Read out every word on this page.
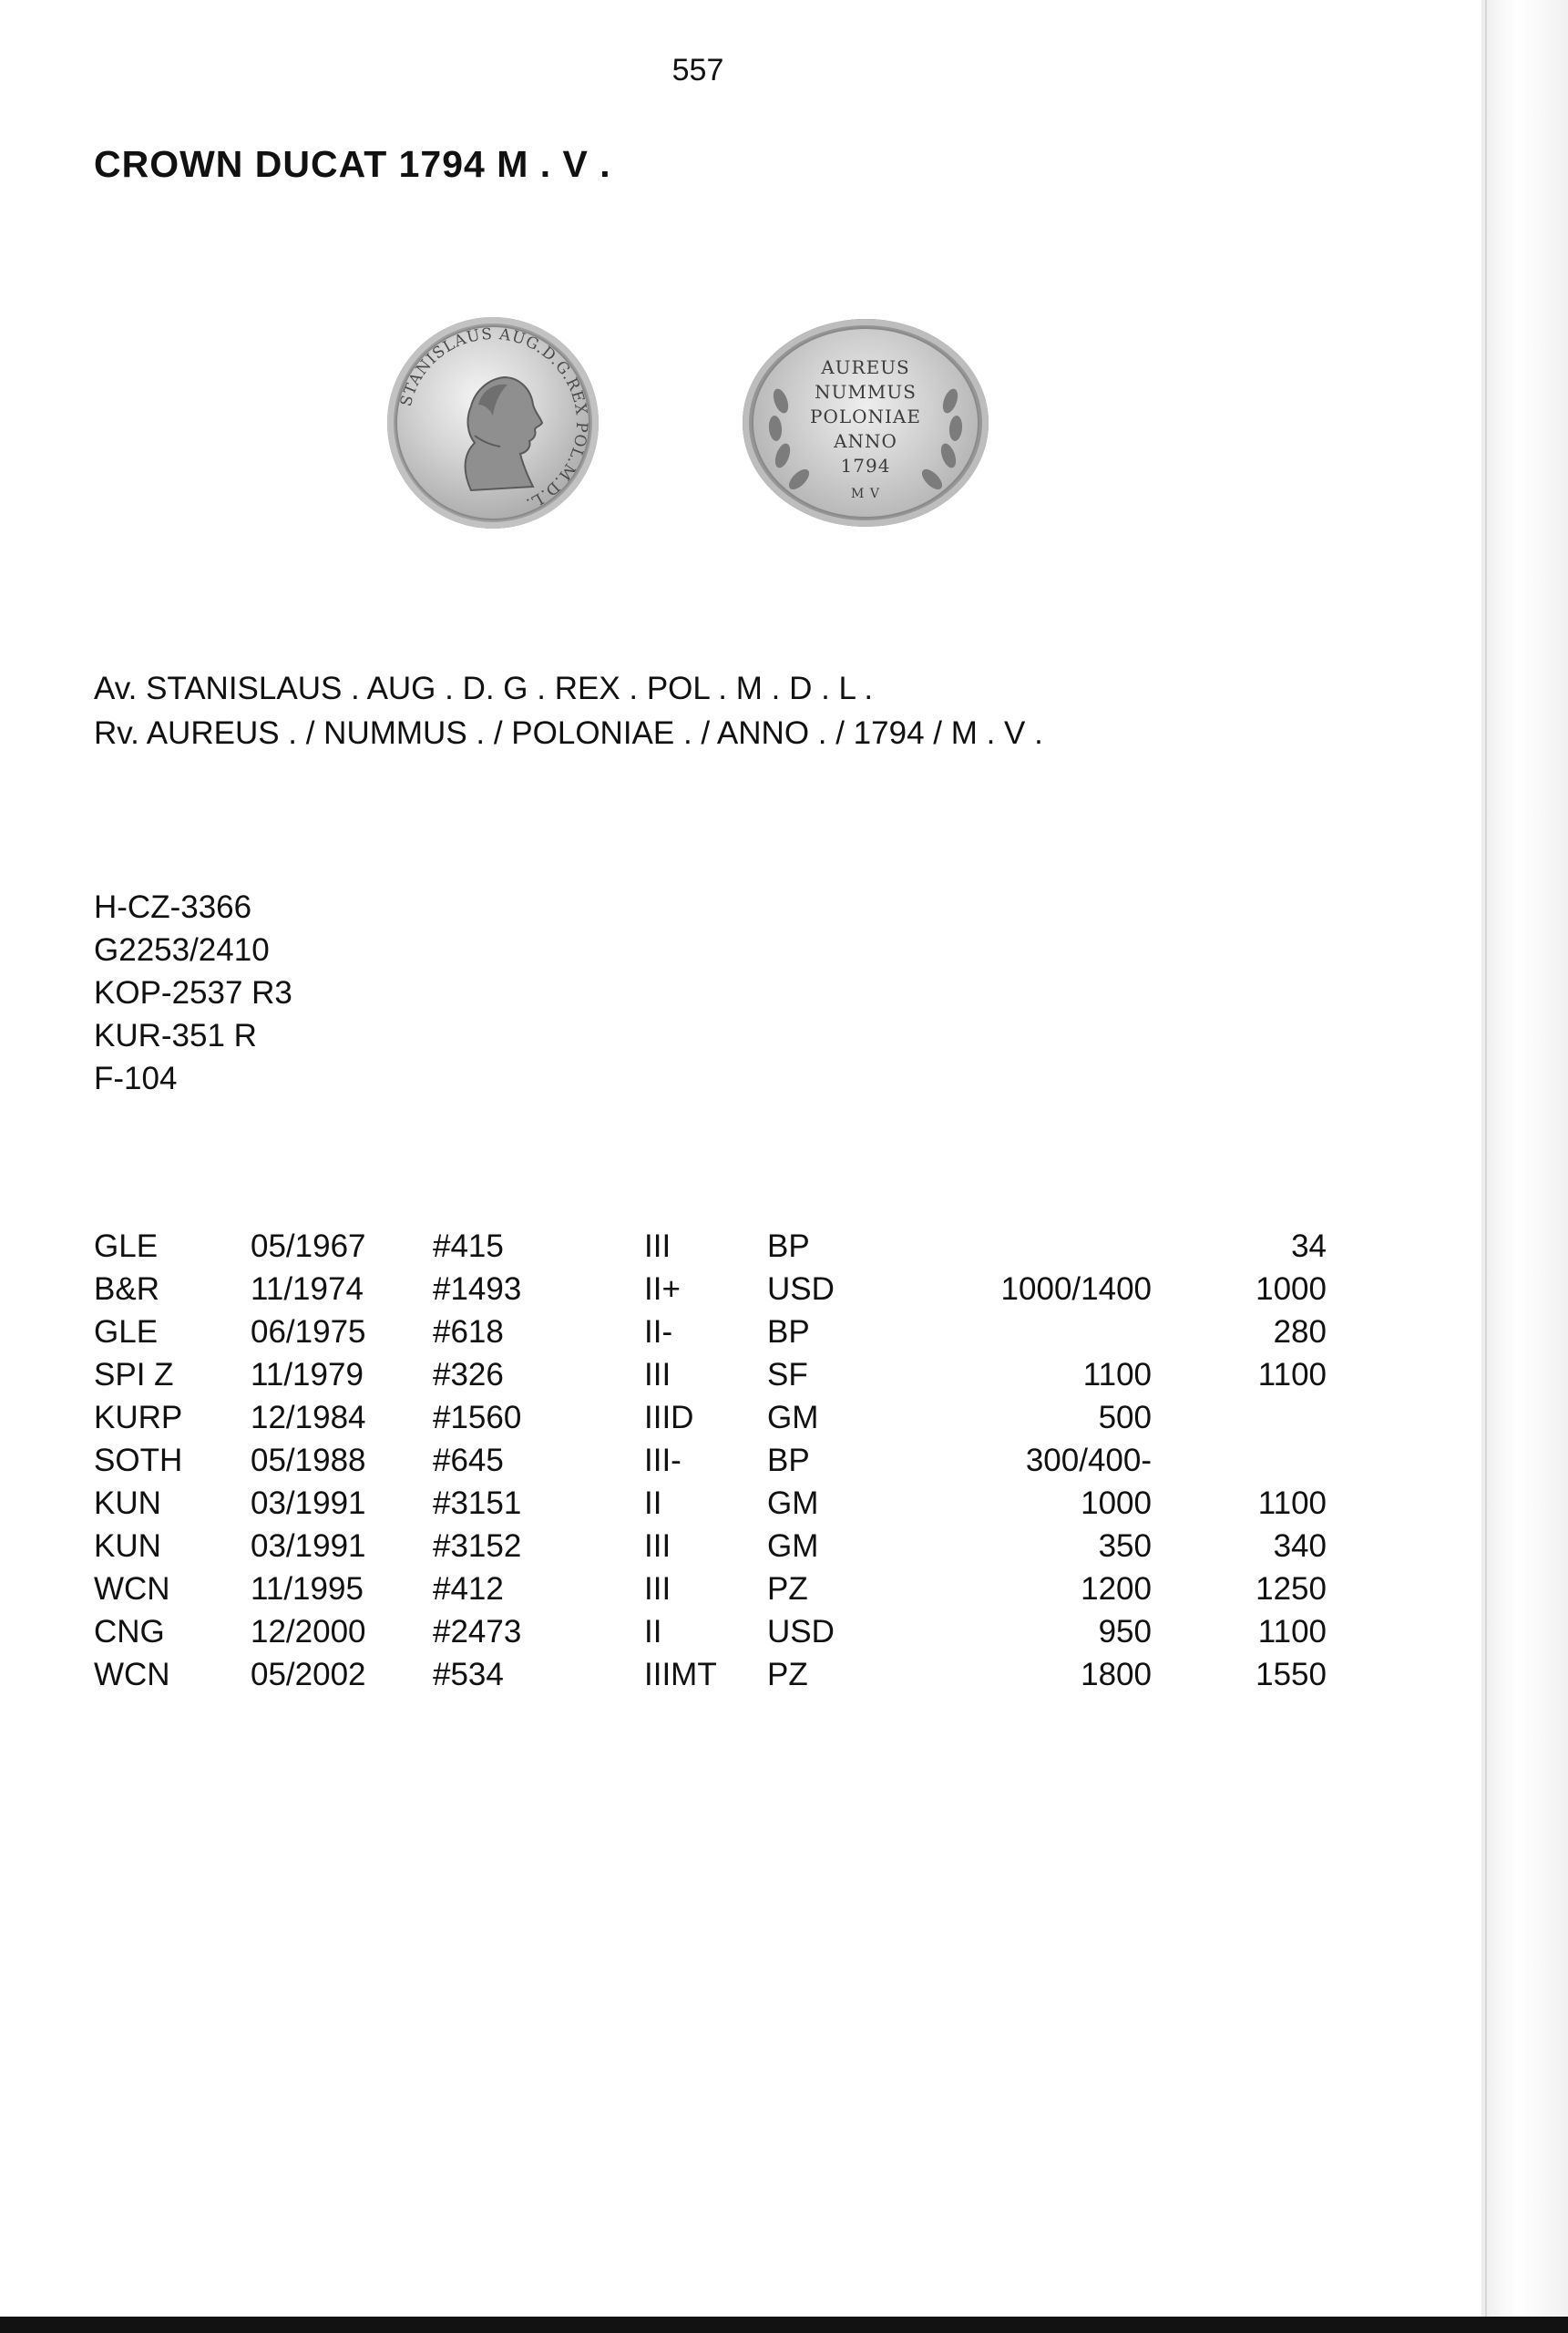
557
CROWN DUCAT 1794 M . V .
STANISLAUS AUG.D.G.REX POL.M.D.L.
AUREUS
NUMMUS
POLONIAE
ANNO
1794
M V
Av. STANISLAUS . AUG . D. G . REX . POL . M . D . L .
Rv. AUREUS . / NUMMUS . / POLONIAE . / ANNO . / 1794 / M . V .
H-CZ-3366
G2253/2410
KOP-2537 R3
KUR-351 R
F-104
GLE	05/1967	#415	III	BP		34
B&R	11/1974	#1493	II+	USD	1000/1400	1000
GLE	06/1975	#618	II-	BP		280
SPI Z	11/1979	#326	III	SF	1100	1100
KURP	12/1984	#1560	IIID	GM	500	
SOTH	05/1988	#645	III-	BP	300/400-	
KUN	03/1991	#3151	II	GM	1000	1100
KUN	03/1991	#3152	III	GM	350	340
WCN	11/1995	#412	III	PZ	1200	1250
CNG	12/2000	#2473	II	USD	950	1100
WCN	05/2002	#534	IIIMT	PZ	1800	1550
